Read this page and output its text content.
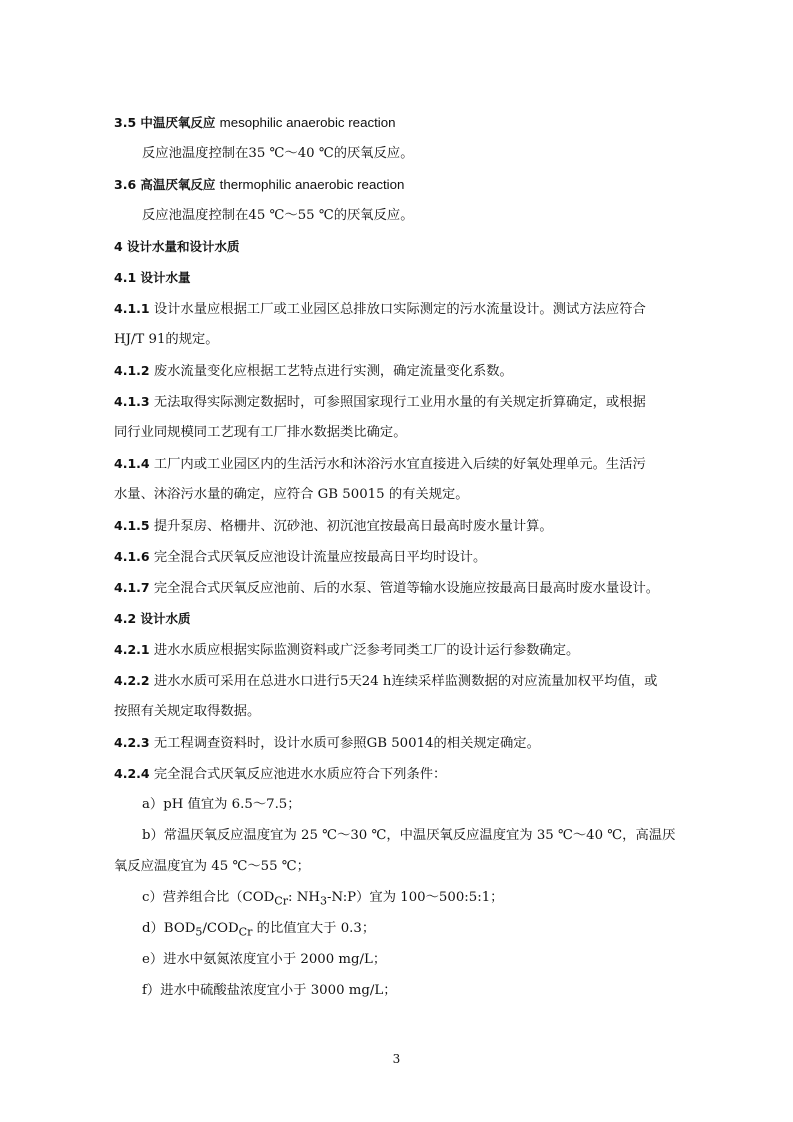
3.5 中温厌氧反应 mesophilic anaerobic reaction
反应池温度控制在35 ℃～40 ℃的厌氧反应。
3.6 高温厌氧反应 thermophilic anaerobic reaction
反应池温度控制在45 ℃～55 ℃的厌氧反应。
4 设计水量和设计水质
4.1 设计水量
4.1.1 设计水量应根据工厂或工业园区总排放口实际测定的污水流量设计。测试方法应符合
HJ/T 91的规定。
4.1.2 废水流量变化应根据工艺特点进行实测，确定流量变化系数。
4.1.3 无法取得实际测定数据时，可参照国家现行工业用水量的有关规定折算确定，或根据
同行业同规模同工艺现有工厂排水数据类比确定。
4.1.4 工厂内或工业园区内的生活污水和沐浴污水宜直接进入后续的好氧处理单元。生活污
水量、沐浴污水量的确定，应符合 GB 50015 的有关规定。
4.1.5 提升泵房、格栅井、沉砂池、初沉池宜按最高日最高时废水量计算。
4.1.6 完全混合式厌氧反应池设计流量应按最高日平均时设计。
4.1.7 完全混合式厌氧反应池前、后的水泵、管道等输水设施应按最高日最高时废水量设计。
4.2 设计水质
4.2.1 进水水质应根据实际监测资料或广泛参考同类工厂的设计运行参数确定。
4.2.2 进水水质可采用在总进水口进行5天24 h连续采样监测数据的对应流量加权平均值，或
按照有关规定取得数据。
4.2.3 无工程调查资料时，设计水质可参照GB 50014的相关规定确定。
4.2.4 完全混合式厌氧反应池进水水质应符合下列条件：
a）pH 值宜为 6.5～7.5；
b）常温厌氧反应温度宜为 25 ℃～30 ℃，中温厌氧反应温度宜为 35 ℃～40 ℃，高温厌
氧反应温度宜为 45 ℃～55 ℃；
c）营养组合比（$COD_{Cr}$: $NH_3-N:P$）宜为 100～500:5:1；
$d)BOD_5/COD_{Cr}$ 的比值宜大于 0.3；
e）进水中氨氮浓度宜小于 2000 mg/L；
f）进水中硫酸盐浓度宜小于 3000 mg/L；
3
